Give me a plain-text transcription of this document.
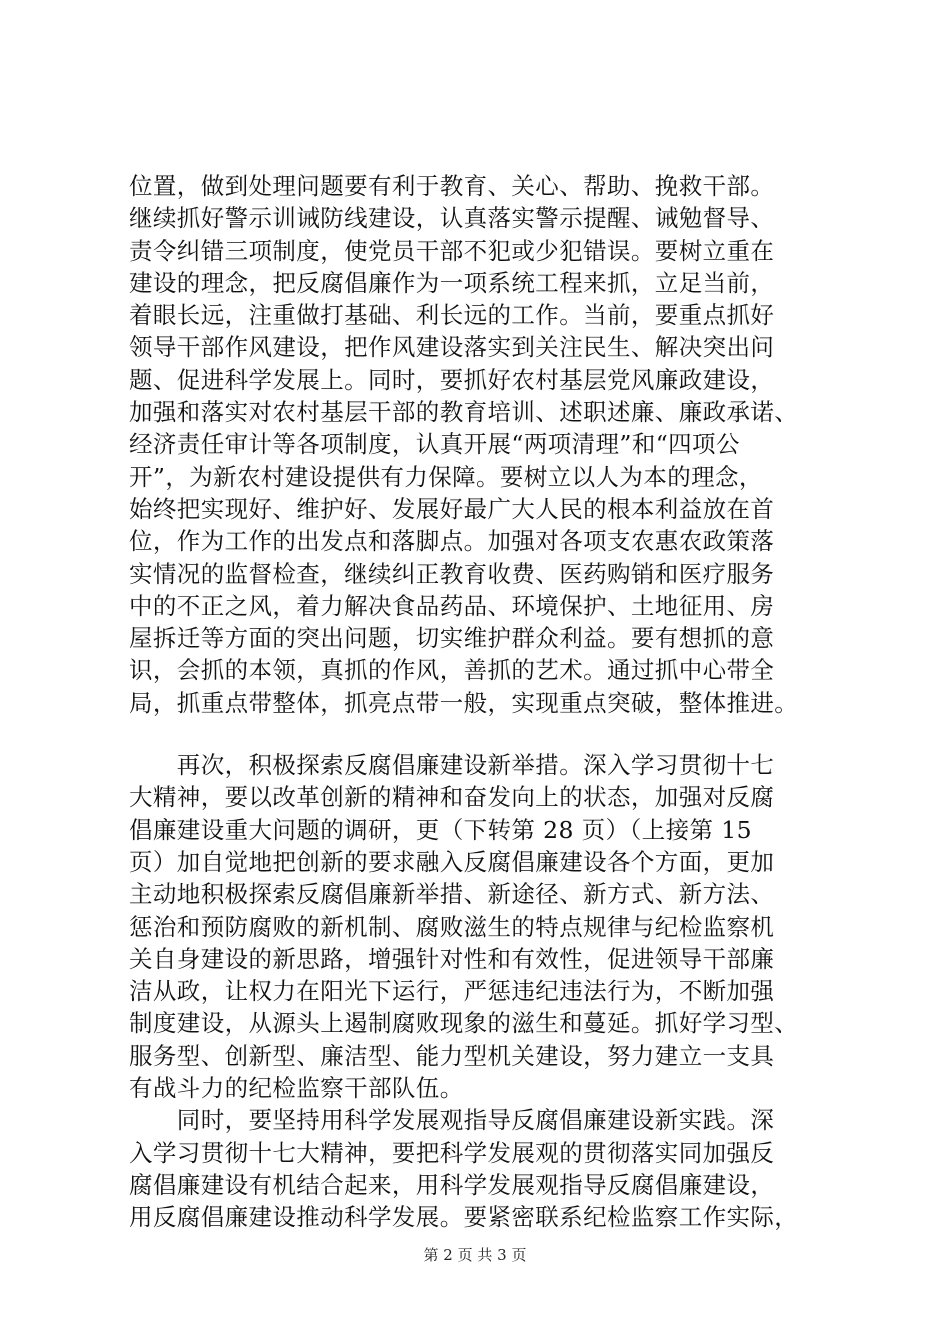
位置，做到处理问题要有利于教育、关心、帮助、挽救干部。
继续抓好警示训诫防线建设，认真落实警示提醒、诫勉督导、
责令纠错三项制度，使党员干部不犯或少犯错误。要树立重在
建设的理念，把反腐倡廉作为一项系统工程来抓，立足当前，
着眼长远，注重做打基础、利长远的工作。当前，要重点抓好
领导干部作风建设，把作风建设落实到关注民生、解决突出问
题、促进科学发展上。同时，要抓好农村基层党风廉政建设，
加强和落实对农村基层干部的教育培训、述职述廉、廉政承诺、
经济责任审计等各项制度，认真开展“两项清理”和“四项公
开”，为新农村建设提供有力保障。要树立以人为本的理念，
始终把实现好、维护好、发展好最广大人民的根本利益放在首
位，作为工作的出发点和落脚点。加强对各项支农惠农政策落
实情况的监督检查，继续纠正教育收费、医药购销和医疗服务
中的不正之风，着力解决食品药品、环境保护、土地征用、房
屋拆迁等方面的突出问题，切实维护群众利益。要有想抓的意
识，会抓的本领，真抓的作风，善抓的艺术。通过抓中心带全
局，抓重点带整体，抓亮点带一般，实现重点突破，整体推进。
　　再次，积极探索反腐倡廉建设新举措。深入学习贯彻十七
大精神，要以改革创新的精神和奋发向上的状态，加强对反腐
倡廉建设重大问题的调研，更（下转第 28 页）（上接第 15
页）加自觉地把创新的要求融入反腐倡廉建设各个方面，更加
主动地积极探索反腐倡廉新举措、新途径、新方式、新方法、
惩治和预防腐败的新机制、腐败滋生的特点规律与纪检监察机
关自身建设的新思路，增强针对性和有效性，促进领导干部廉
洁从政，让权力在阳光下运行，严惩违纪违法行为，不断加强
制度建设，从源头上遏制腐败现象的滋生和蔓延。抓好学习型、
服务型、创新型、廉洁型、能力型机关建设，努力建立一支具
有战斗力的纪检监察干部队伍。
　　同时，要坚持用科学发展观指导反腐倡廉建设新实践。深
入学习贯彻十七大精神，要把科学发展观的贯彻落实同加强反
腐倡廉建设有机结合起来，用科学发展观指导反腐倡廉建设，
用反腐倡廉建设推动科学发展。要紧密联系纪检监察工作实际，
第 2 页 共 3 页
